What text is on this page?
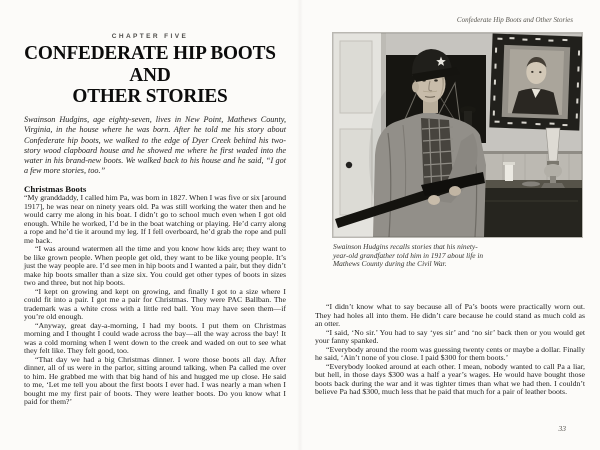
CHAPTER FIVE
CONFEDERATE HIP BOOTS AND
OTHER STORIES
Swainson Hudgins, age eighty-seven, lives in New Point, Mathews County, Virginia, in the house where he was born. After he told me his story about Confederate hip boots, we walked to the edge of Dyer Creek behind his two-story wood clapboard house and he showed me where he first waded into the water in his brand-new boots. We walked back to his house and he said, “I got a few more stories, too.”
Christmas Boots

“My granddaddy, I called him Pa, was born in 1827. When I was five or six [around 1917], he was near on ninety years old. Pa was still working the water then and he would carry me along in his boat. I didn’t go to school much even when I got old enough. While he worked, I’d be in the boat watching or playing. He’d carry along a rope and he’d tie it around my leg. If I fell overboard, he’d grab the rope and pull me back.

“I was around watermen all the time and you know how kids are; they want to be like grown people. When people get old, they want to be like young people. It’s just the way people are. I’d see men in hip boots and I wanted a pair, but they didn’t make hip boots smaller than a size six. You could get other types of boots in sizes two and three, but not hip boots.

“I kept on growing and kept on growing, and finally I got to a size where I could fit into a pair. I got me a pair for Christmas. They were PAC Ballban. The trademark was a white cross with a little red ball. You may have seen them—if you’re old enough.

“Anyway, great day-a-morning, I had my boots. I put them on Christmas morning and I thought I could wade across the bay—all the way across the bay! It was a cold morning when I went down to the creek and waded on out to see what they felt like. They felt good, too.

“That day we had a big Christmas dinner. I wore those boots all day. After dinner, all of us were in the parlor, sitting around talking, when Pa called me over to him. He grabbed me with that big hand of his and hugged me up close. He said to me, ‘Let me tell you about the first boots I ever had. I was nearly a man when I bought me my first pair of boots. They were leather boots. Do you know what I paid for them?’

Confederate Hip Boots and Other Stories
Swainson Hudgins recalls stories that his ninety-year-old grandfather told him in 1917 about life in Mathews County during the Civil War.

“I didn’t know what to say because all of Pa’s boots were practically worn out. They had holes all into them. He didn’t care because he could stand as much cold as an otter.

“I said, ‘No sir.’ You had to say ‘yes sir’ and ‘no sir’ back then or you would get your fanny spanked.

“Everybody around the room was guessing twenty cents or maybe a dollar. Finally he said, ‘Ain’t none of you close. I paid $300 for them boots.’

“Everybody looked around at each other. I mean, nobody wanted to call Pa a liar, but hell, in those days $300 was a half a year’s wages. He would have bought those boots back during the war and it was tighter times than what we had then. I couldn’t believe Pa had $300, much less that he paid that much for a pair of leather boots.

33
